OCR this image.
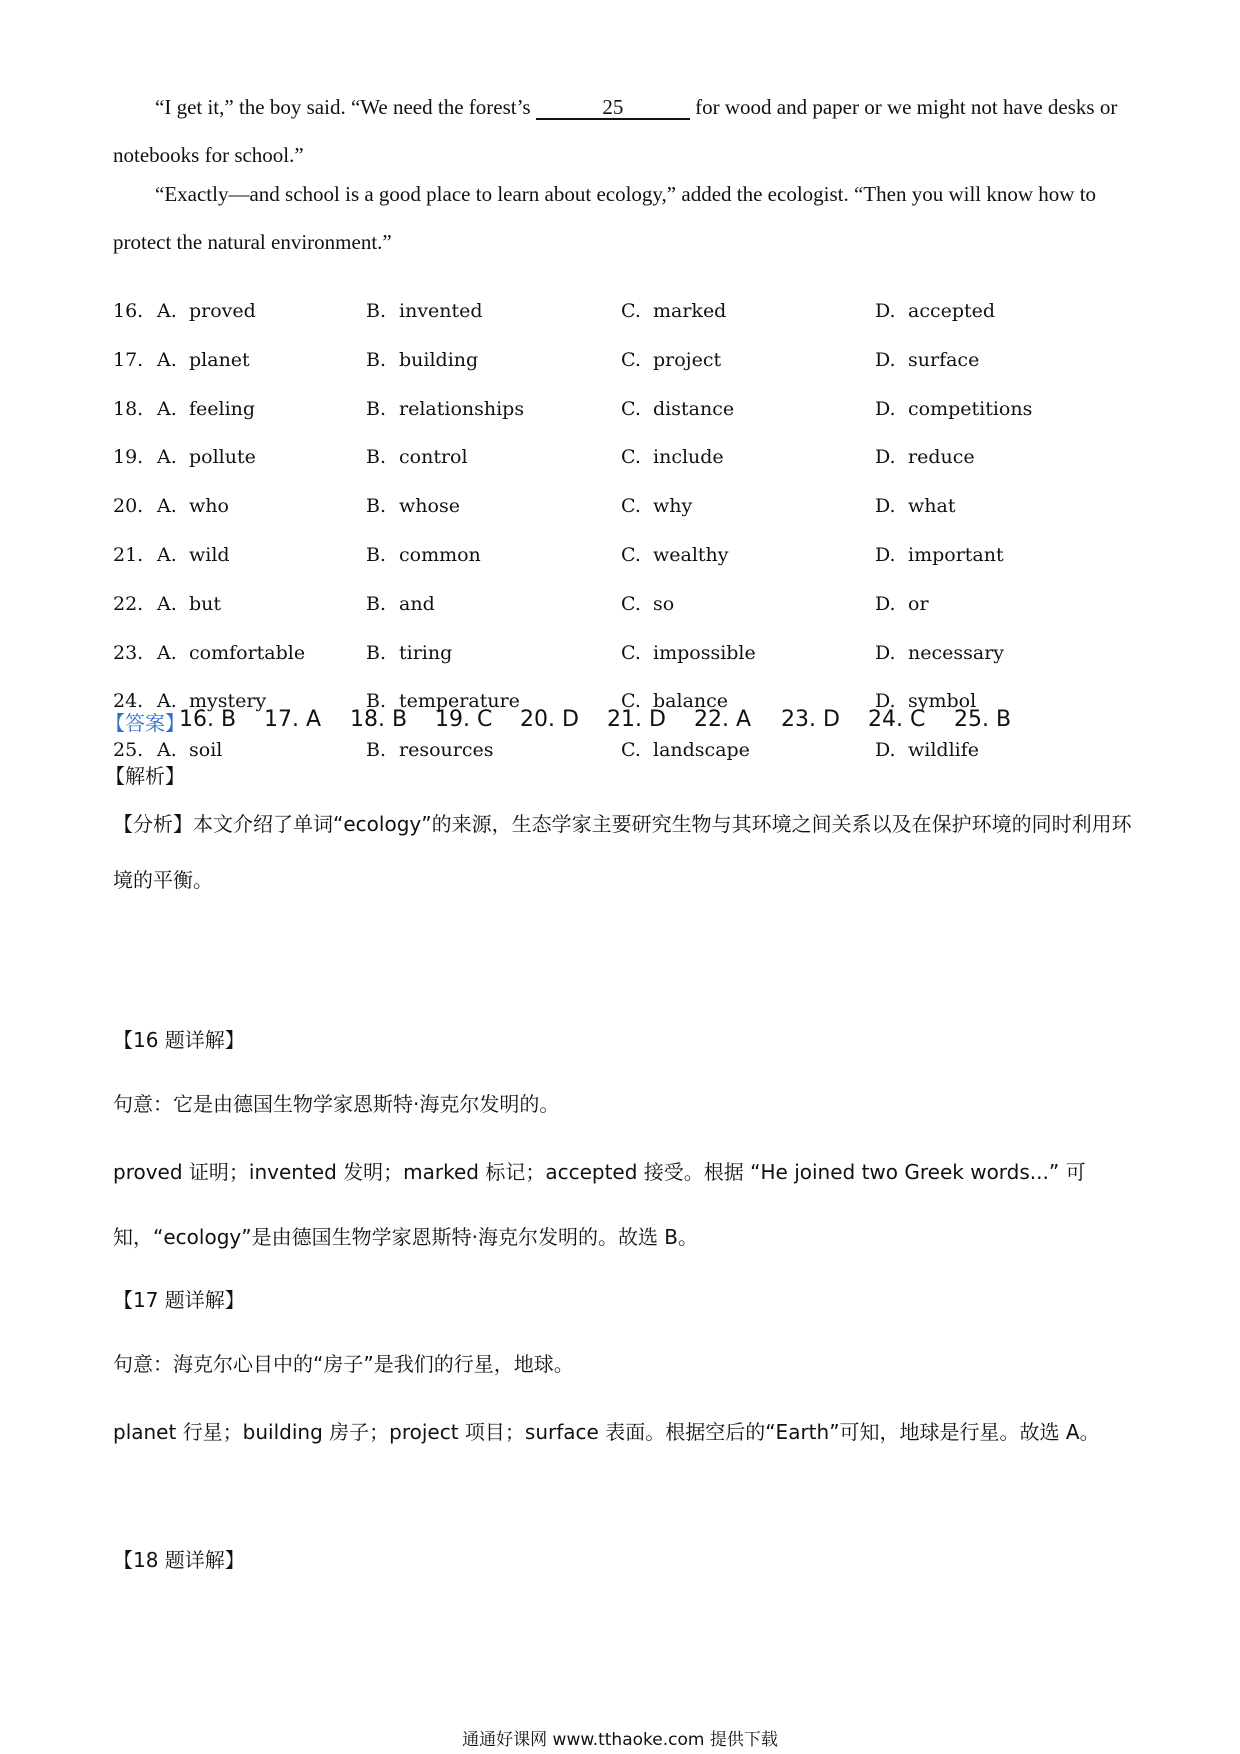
“I get it,” the boy said. “We need the forest’s	25	for wood and paper or we might not have desks or notebooks for school.”
“Exactly—and school is a good place to learn about ecology,” added the ecologist. “Then you will know how to protect the natural environment.”
16. A. proved	B. invented	C. marked	D. accepted
17. A. planet	B. building	C. project	D. surface
18. A. feeling	B. relationships	C. distance	D. competitions
19. A. pollute	B. control	C. include	D. reduce
20. A. who	B. whose	C. why	D. what
21. A. wild	B. common	C. wealthy	D. important
22. A. but	B. and	C. so	D. or
23. A. comfortable	B. tiring	C. impossible	D. necessary
24. A. mystery	B. temperature	C. balance	D. symbol
25. A. soil	B. resources	C. landscape	D. wildlife
【答案】
16. B 17. A 18. B 19. C 20. D 21. D 22. A 23. D 24. C 25. B
【解析】
【分析】本文介绍了单词“ecology”的来源，生态学家主要研究生物与其环境之间关系以及在保护环境的同时利用环境的平衡。
【16 题详解】
句意：它是由德国生物学家恩斯特·海克尔发明的。
proved 证明；invented 发明；marked 标记；accepted 接受。根据 “He joined two Greek words...” 可知，“ecology”是由德国生物学家恩斯特·海克尔发明的。故选 B。
【17 题详解】
句意：海克尔心目中的“房子”是我们的行星，地球。
planet 行星；building 房子；project 项目；surface 表面。根据空后的“Earth”可知，地球是行星。故选 A。
【18 题详解】
通通好课网 www.tthaoke.com 提供下载
